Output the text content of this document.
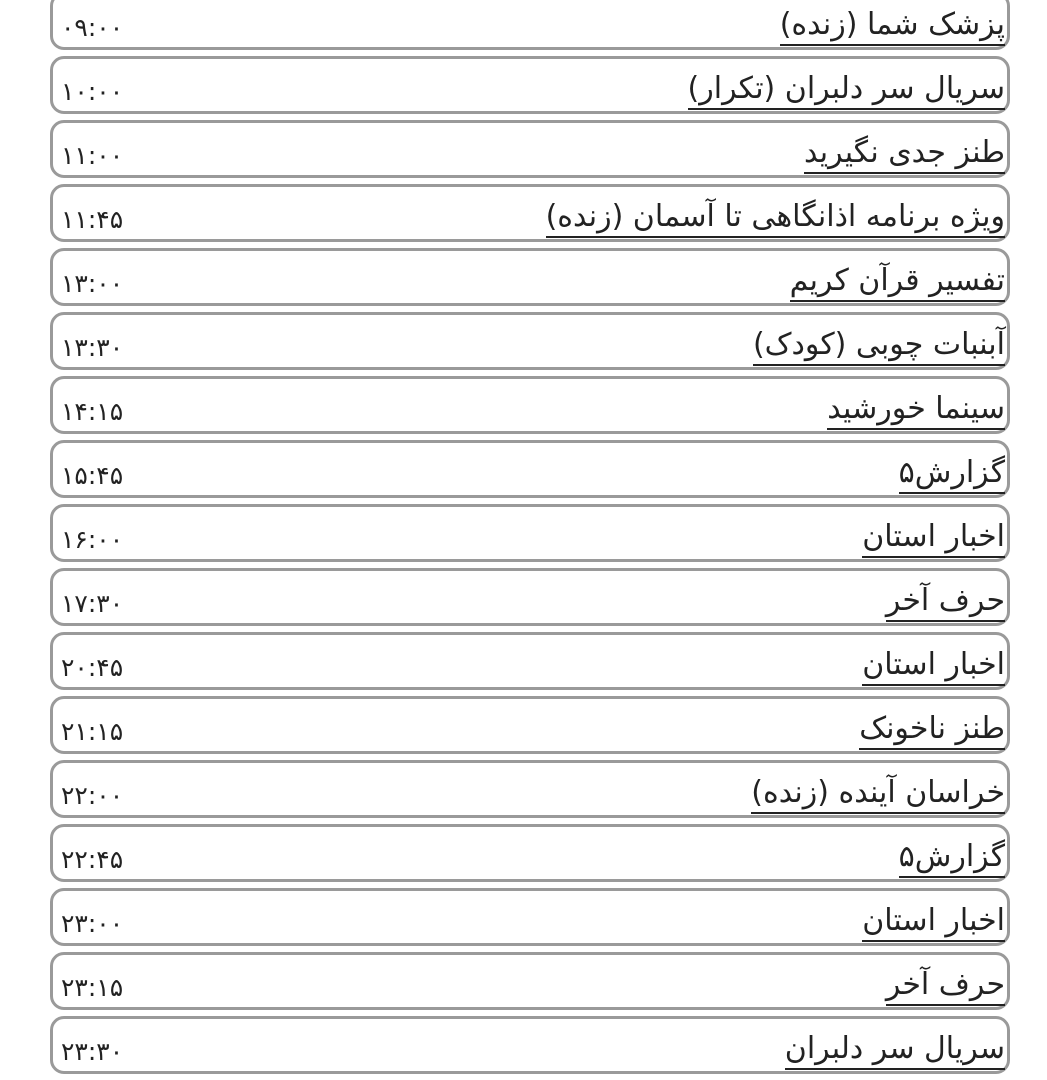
پزشک شما (زنده)
۰۹:۰۰
سریال سر دلبران (تکرار)
۱۰:۰۰
طنز جدی نگیرید
۱۱:۰۰
ویژه برنامه اذانگاهی تا آسمان (زنده)
۱۱:۴۵
تفسیر قرآن کریم
۱۳:۰۰
آبنبات چوبی (کودک)
۱۳:۳۰
سینما خورشید
۱۴:۱۵
گزارش۵
۱۵:۴۵
اخبار استان
۱۶:۰۰
حرف آخر
۱۷:۳۰
اخبار استان
۲۰:۴۵
طنز ناخونک
۲۱:۱۵
خراسان آینده (زنده)
۲۲:۰۰
گزارش۵
۲۲:۴۵
اخبار استان
۲۳:۰۰
حرف آخر
۲۳:۱۵
سریال سر دلبران
۲۳:۳۰
